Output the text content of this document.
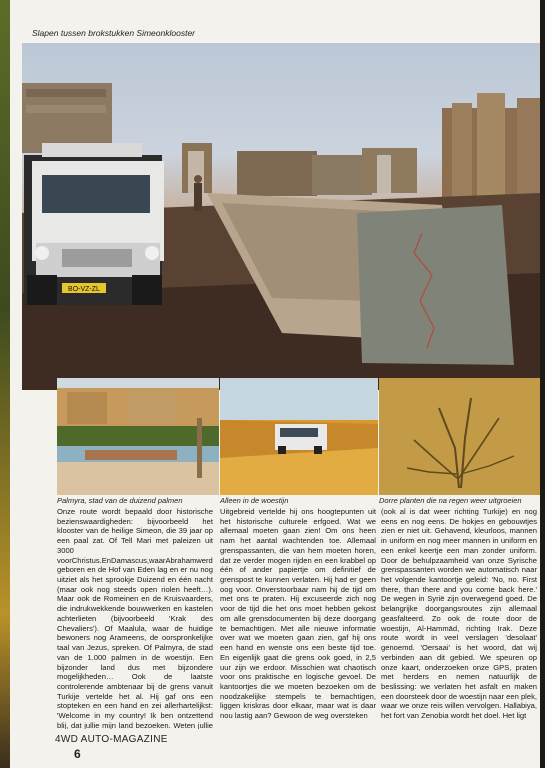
Slapen tussen brokstukken Simeonklooster
BO-VZ-ZL
Palmyra, stad van de duizend palmen	Alleen in de woestijn	Dorre planten die na regen weer uitgroeien
Onze route wordt bepaald door historische bezienswaardigheden: bijvoorbeeld het klooster van de heilige Simeon, die 39 jaar op een paal zat. Of Tell Mari met paleizen uit 3000 voorChristus.EnDamascus,waarAbrahamwerd geboren en de Hof van Eden lag en er nu nog uitziet als het sprookje Duizend en één nacht (maar ook nog steeds open riolen heeft…). Maar ook de Romeinen en de Kruisvaarders, die indrukwekkende bouwwerken en kastelen achterlieten (bijvoorbeeld 'Krak des Chevaliers'). Of Maalula, waar de huidige bewoners nog Arameens, de oorspronkelijke taal van Jezus, spreken. Of Palmyra, de stad van de 1.000 palmen in de woestijn. Een bijzonder land dus met bijzondere mogelijkheden… Ook de laatste controlerende ambtenaar bij de grens vanuit Turkije vertelde het al. Hij gaf ons een stopteken en een hand en zei allerhartelijkst: 'Welcome in my country! Ik ben ontzettend blij, dat jullie mijn land bezoeken. Weten jullie
Uitgebreid vertelde hij ons hoogtepunten uit het historische culturele erfgoed. Wat we allemaal moeten gaan zien! Om ons heen nam het aantal wachtenden toe. Allemaal grenspassanten, die van hem moeten horen, dat ze verder mogen rijden en een krabbel op één of ander papiertje om definitief de grenspost te kunnen verlaten. Hij had er geen oog voor. Onverstoorbaar nam hij de tijd om met ons te praten. Hij excuseerde zich nog voor de tijd die het ons moet hebben gekost om alle grensdocumenten bij deze doorgang te bemachtigen. Met alle nieuwe informatie over wat we moeten gaan zien, gaf hij ons een hand en wenste ons een beste tijd toe. En eigenlijk gaat die grens ook goed, in 2,5 uur zijn we erdoor. Misschien wat chaotisch voor ons praktische en logische gevoel. De kantoortjes die we moeten bezoeken om de noodzakelijke stempels te bemachtigen, liggen kriskras door elkaar, maar wat is daar nou lastig aan? Gewoon de weg oversteken
(ook al is dat weer richting Turkije) en nog eens en nog eens. De hokjes en gebouwtjes zien er niet uit. Gehavend, kleurloos, mannen in uniform en nog meer mannen in uniform en een enkel keertje een man zonder uniform. Door de behulpzaamheid van onze Syrische grenspassanten worden we automatisch naar het volgende kantoortje geleid: 'No, no. First there, than there and you come back here.' De wegen in Syrië zijn overwegend goed. De belangrijke doorgangsroutes zijn allemaal geasfalteerd. Zo ook de route door de woestijn, Al-Hammād, richting Irak. Deze route wordt in veel verslagen 'desolaat' genoemd. 'Oersaai' is het woord, dat wij verbinden aan dit gebied. We speuren op onze kaart, onderzoeken onze GPS, praten met herders en nemen natuurlijk de beslissing: we verlaten het asfalt en maken een doorsteek door de woestijn naar een plek, waar we onze reis willen vervolgen. Hallabiya, het fort van Zenobia wordt het doel. Het ligt
4WD AUTO-MAGAZINE
6
